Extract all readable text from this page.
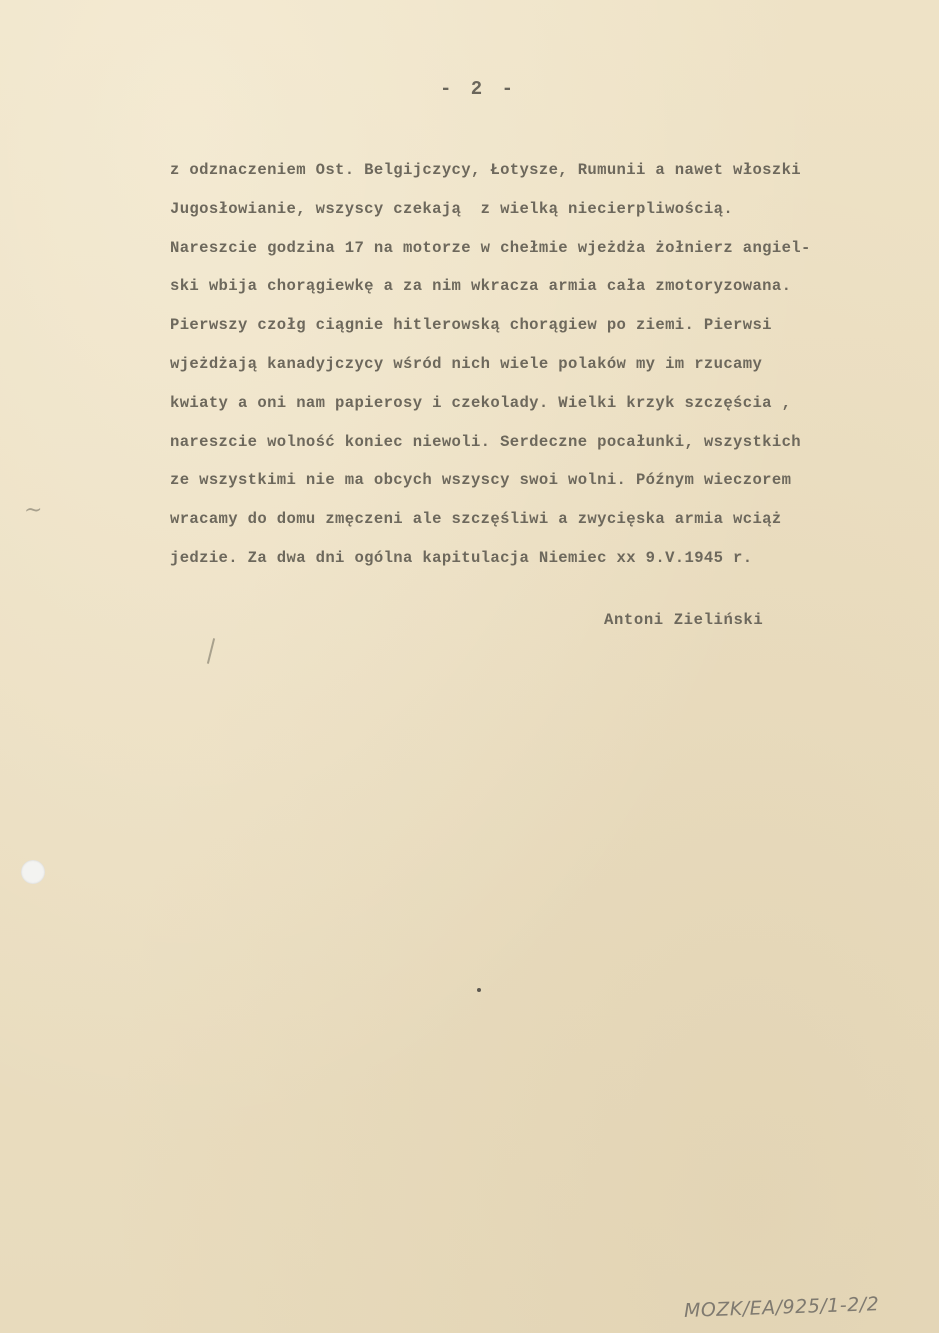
- 2 -
z odznaczeniem Ost. Belgijczycy, Łotysze, Rumunii a nawet włoszki
Jugosłowianie, wszyscy czekają  z wielką niecierpliwością.
Nareszcie godzina 17 na motorze w chełmie wjeżdża żołnierz angiel-
ski wbija chorągiewkę a za nim wkracza armia cała zmotoryzowana.
Pierwszy czołg ciągnie hitlerowską chorągiew po ziemi. Pierwsi
wjeżdżają kanadyjczycy wśród nich wiele polaków my im rzucamy
kwiaty a oni nam papierosy i czekolady. Wielki krzyk szczęścia ,
nareszcie wolność koniec niewoli. Serdeczne pocałunki, wszystkich
ze wszystkimi nie ma obcych wszyscy swoi wolni. Późnym wieczorem
wracamy do domu zmęczeni ale szczęśliwi a zwycięska armia wciąż
jedzie. Za dwa dni ogólna kapitulacja Niemiec xx 9.V.1945 r.
Antoni Zieliński
MOZK/EA/925/1-2/2
~
